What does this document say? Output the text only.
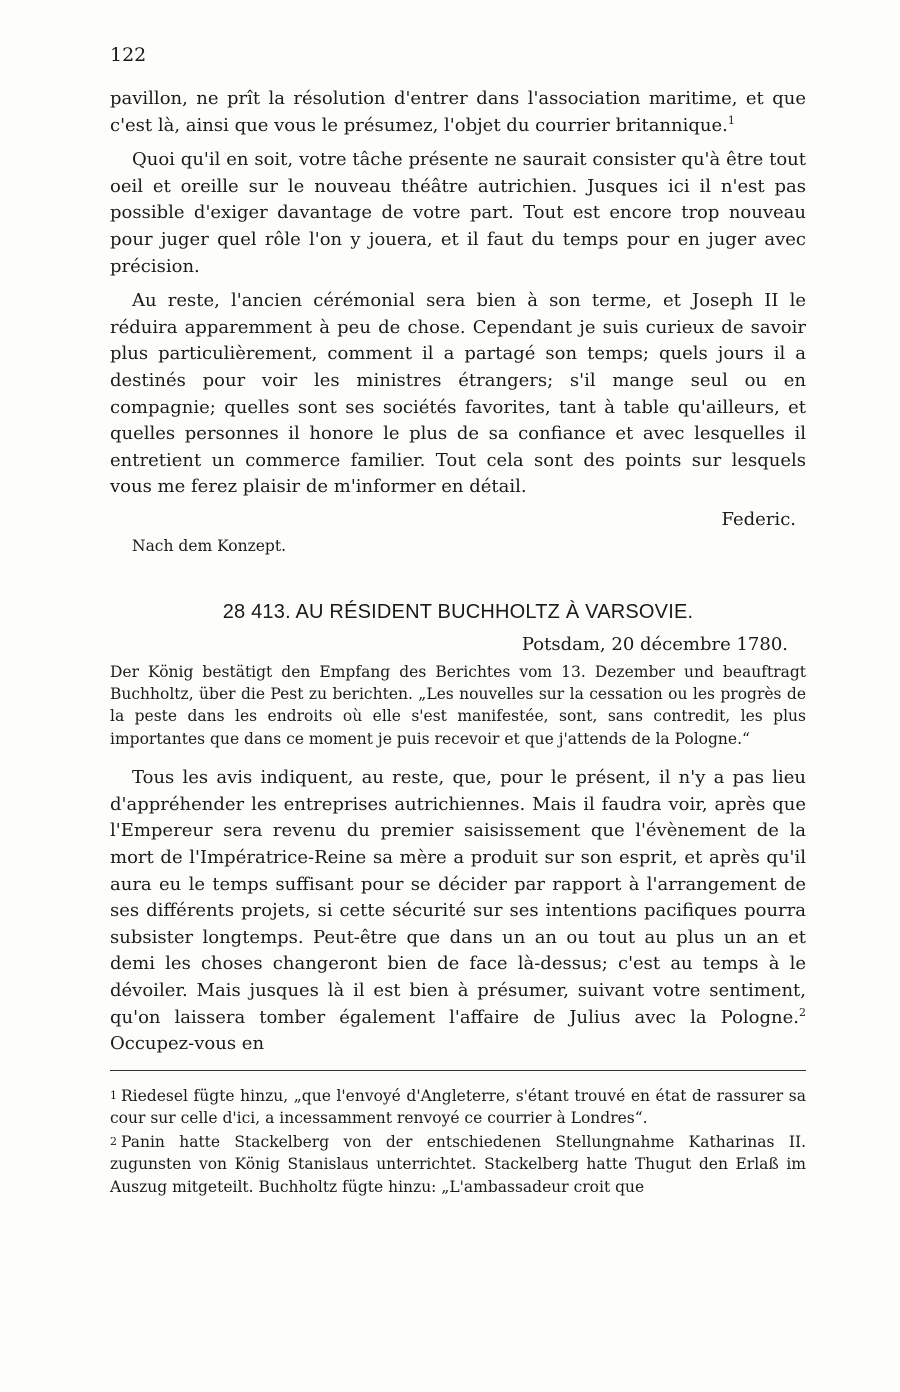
122

pavillon, ne prît la résolution d'entrer dans l'association maritime, et que c'est là, ainsi que vous le présumez, l'objet du courrier britannique.$^1$

Quoi qu'il en soit, votre tâche présente ne saurait consister qu'à être tout oeil et oreille sur le nouveau théâtre autrichien. Jusques ici il n'est pas possible d'exiger davantage de votre part. Tout est encore trop nouveau pour juger quel rôle l'on y jouera, et il faut du temps pour en juger avec précision.

Au reste, l'ancien cérémonial sera bien à son terme, et Joseph II le réduira apparemment à peu de chose. Cependant je suis curieux de savoir plus particulièrement, comment il a partagé son temps; quels jours il a destinés pour voir les ministres étrangers; s'il mange seul ou en compagnie; quelles sont ses sociétés favorites, tant à table qu'ailleurs, et quelles personnes il honore le plus de sa confiance et avec lesquelles il entretient un commerce familier. Tout cela sont des points sur lesquels vous me ferez plaisir de m'informer en détail.

Federic.
Nach dem Konzept.
28 413. AU RÉSIDENT BUCHHOLTZ À VARSOVIE.
Potsdam, 20 décembre 1780.

Der König bestätigt den Empfang des Berichtes vom 13. Dezember und beauftragt Buchholtz, über die Pest zu berichten. „Les nouvelles sur la cessation ou les progrès de la peste dans les endroits où elle s'est manifestée, sont, sans contredit, les plus importantes que dans ce moment je puis recevoir et que j'attends de la Pologne.“

Tous les avis indiquent, au reste, que, pour le présent, il n'y a pas lieu d'appréhender les entreprises autrichiennes. Mais il faudra voir, après que l'Empereur sera revenu du premier saisissement que l'évènement de la mort de l'Impératrice-Reine sa mère a produit sur son esprit, et après qu'il aura eu le temps suffisant pour se décider par rapport à l'arrangement de ses différents projets, si cette sécurité sur ses intentions pacifiques pourra subsister longtemps. Peut-être que dans un an ou tout au plus un an et demi les choses changeront bien de face là-dessus; c'est au temps à le dévoiler. Mais jusques là il est bien à présumer, suivant votre sentiment, qu'on laissera tomber également l'affaire de Julius avec la Pologne.$^2$ Occupez-vous en

$^1$ Riedesel fügte hinzu, „que l'envoyé d'Angleterre, s'étant trouvé en état de rassurer sa cour sur celle d'ici, a incessamment renvoyé ce courrier à Londres“.

$^2$ Panin hatte Stackelberg von der entschiedenen Stellungnahme Katharinas II. zugunsten von König Stanislaus unterrichtet. Stackelberg hatte Thugut den Erlaß im Auszug mitgeteilt. Buchholtz fügte hinzu: „L'ambassadeur croit que
